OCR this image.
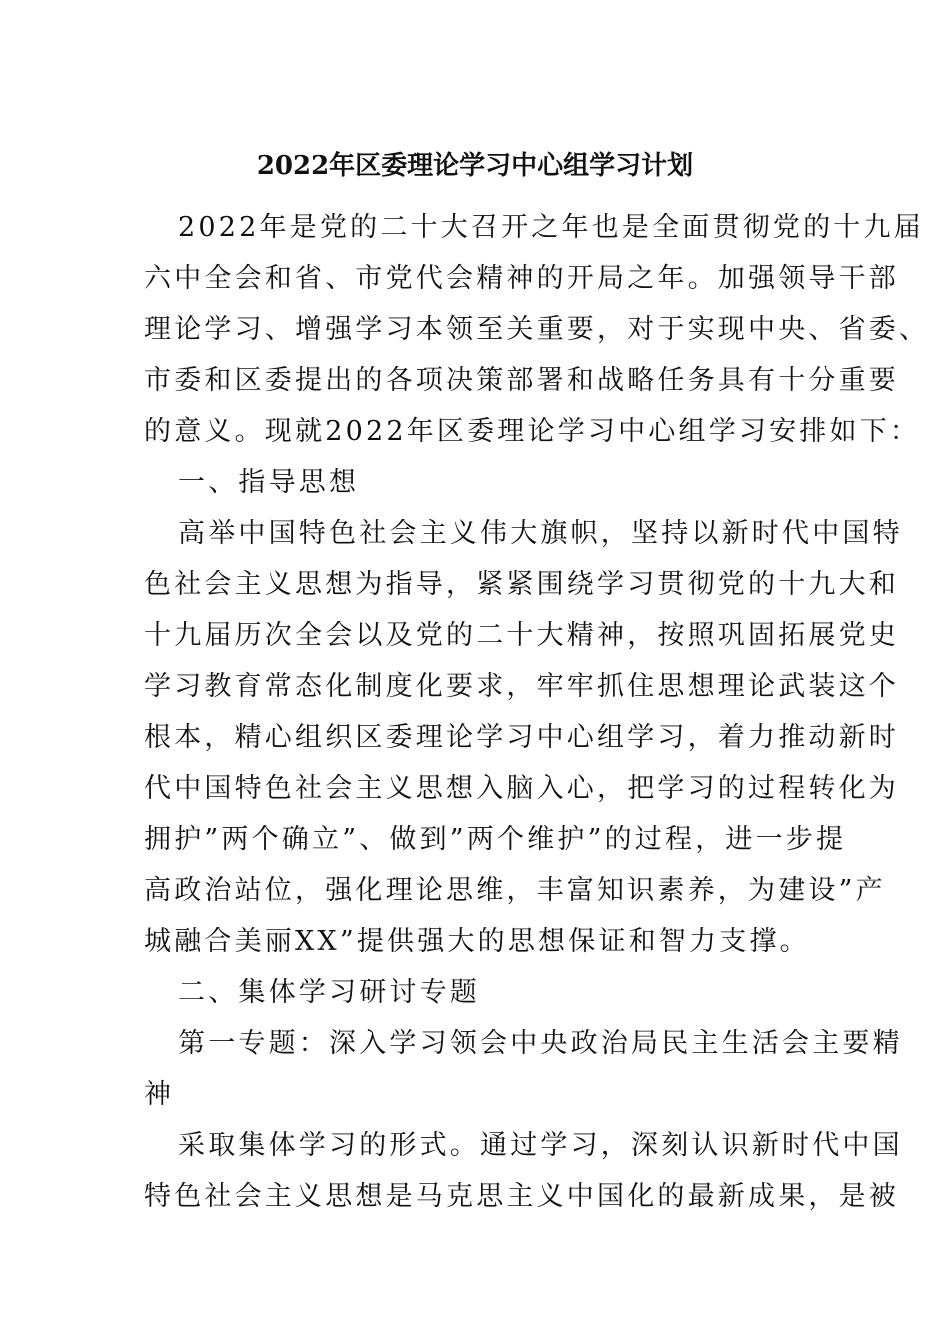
2022年区委理论学习中心组学习计划
2022年是党的二十大召开之年也是全面贯彻党的十九届
六中全会和省、市党代会精神的开局之年。加强领导干部
理论学习、增强学习本领至关重要，对于实现中央、省委、
市委和区委提出的各项决策部署和战略任务具有十分重要
的意义。现就2022年区委理论学习中心组学习安排如下：
一、指导思想
高举中国特色社会主义伟大旗帜，坚持以新时代中国特
色社会主义思想为指导，紧紧围绕学习贯彻党的十九大和
十九届历次全会以及党的二十大精神，按照巩固拓展党史
学习教育常态化制度化要求，牢牢抓住思想理论武装这个
根本，精心组织区委理论学习中心组学习，着力推动新时
代中国特色社会主义思想入脑入心，把学习的过程转化为
拥护”两个确立”、做到”两个维护”的过程，进一步提
高政治站位，强化理论思维，丰富知识素养，为建设”产
城融合美丽XX”提供强大的思想保证和智力支撑。
二、集体学习研讨专题
第一专题：深入学习领会中央政治局民主生活会主要精
神
采取集体学习的形式。通过学习，深刻认识新时代中国
特色社会主义思想是马克思主义中国化的最新成果，是被
